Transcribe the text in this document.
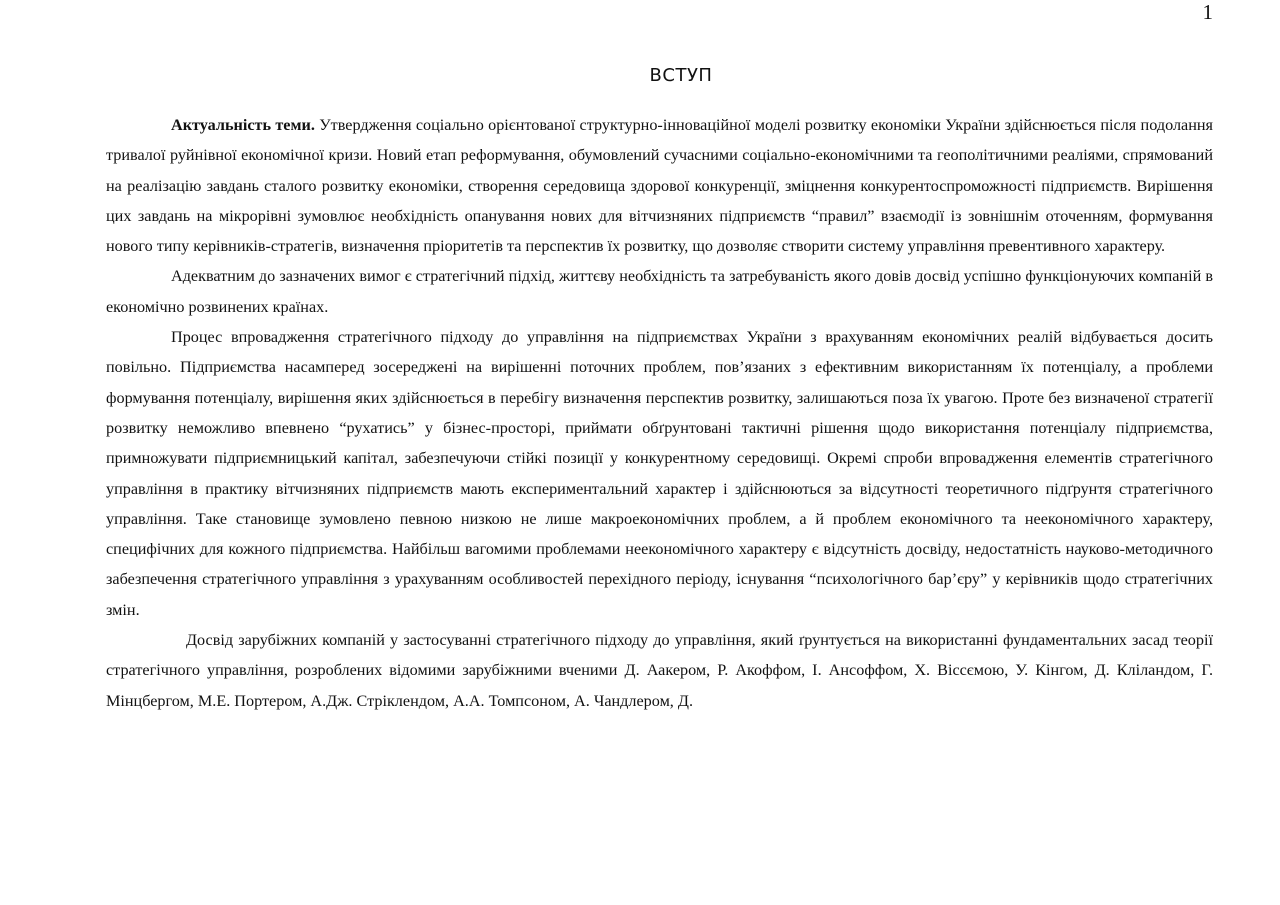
1
ВСТУП

Актуальність теми. Утвердження соціально орієнтованої структурно-інноваційної моделі розвитку економіки України здійснюється після подолання тривалої руйнівної економічної кризи. Новий етап реформування, обумовлений сучасними соціально-економічними та геополітичними реаліями, спрямований на реалізацію завдань сталого розвитку економіки, створення середовища здорової конкуренції, зміцнення конкурентоспроможності підприємств. Вирішення цих завдань на мікрорівні зумовлює необхідність опанування нових для вітчизняних підприємств “правил” взаємодії із зовнішнім оточенням, формування нового типу керівників-стратегів, визначення пріоритетів та перспектив їх розвитку, що дозволяє створити систему управління превентивного характеру.

Адекватним до зазначених вимог є стратегічний підхід, життєву необхідність та затребуваність якого довів досвід успішно функціонуючих компаній в економічно розвинених країнах.

Процес впровадження стратегічного підходу до управління на підприємствах України з врахуванням економічних реалій відбувається досить повільно. Підприємства насамперед зосереджені на вирішенні поточних проблем, пов’язаних з ефективним використанням їх потенціалу, а проблеми формування потенціалу, вирішення яких здійснюється в перебігу визначення перспектив розвитку, залишаються поза їх увагою. Проте без визначеної стратегії розвитку неможливо впевнено “рухатись” у бізнес-просторі, приймати обґрунтовані тактичні рішення щодо використання потенціалу підприємства, примножувати підприємницький капітал, забезпечуючи стійкі позиції у конкурентному середовищі. Окремі спроби впровадження елементів стратегічного управління в практику вітчизняних підприємств мають експериментальний характер і здійснюються за відсутності теоретичного підґрунтя стратегічного управління. Таке становище зумовлено певною низкою не лише макроекономічних проблем, а й проблем економічного та неекономічного характеру, специфічних для кожного підприємства. Найбільш вагомими проблемами неекономічного характеру є відсутність досвіду, недостатність науково-методичного забезпечення стратегічного управління з урахуванням особливостей перехідного періоду, існування “психологічного бар’єру” у керівників щодо стратегічних змін.

Досвід зарубіжних компаній у застосуванні стратегічного підходу до управління, який ґрунтується на використанні фундаментальних засад теорії стратегічного управління, розроблених відомими зарубіжними вченими Д. Аакером, Р. Акоффом, І. Ансоффом, Х. Віссємою, У. Кінгом, Д. Кліландом, Г. Мінцбергом, М.Е. Портером, А.Дж. Стріклендом, А.А. Томпсоном, А. Чандлером, Д.
